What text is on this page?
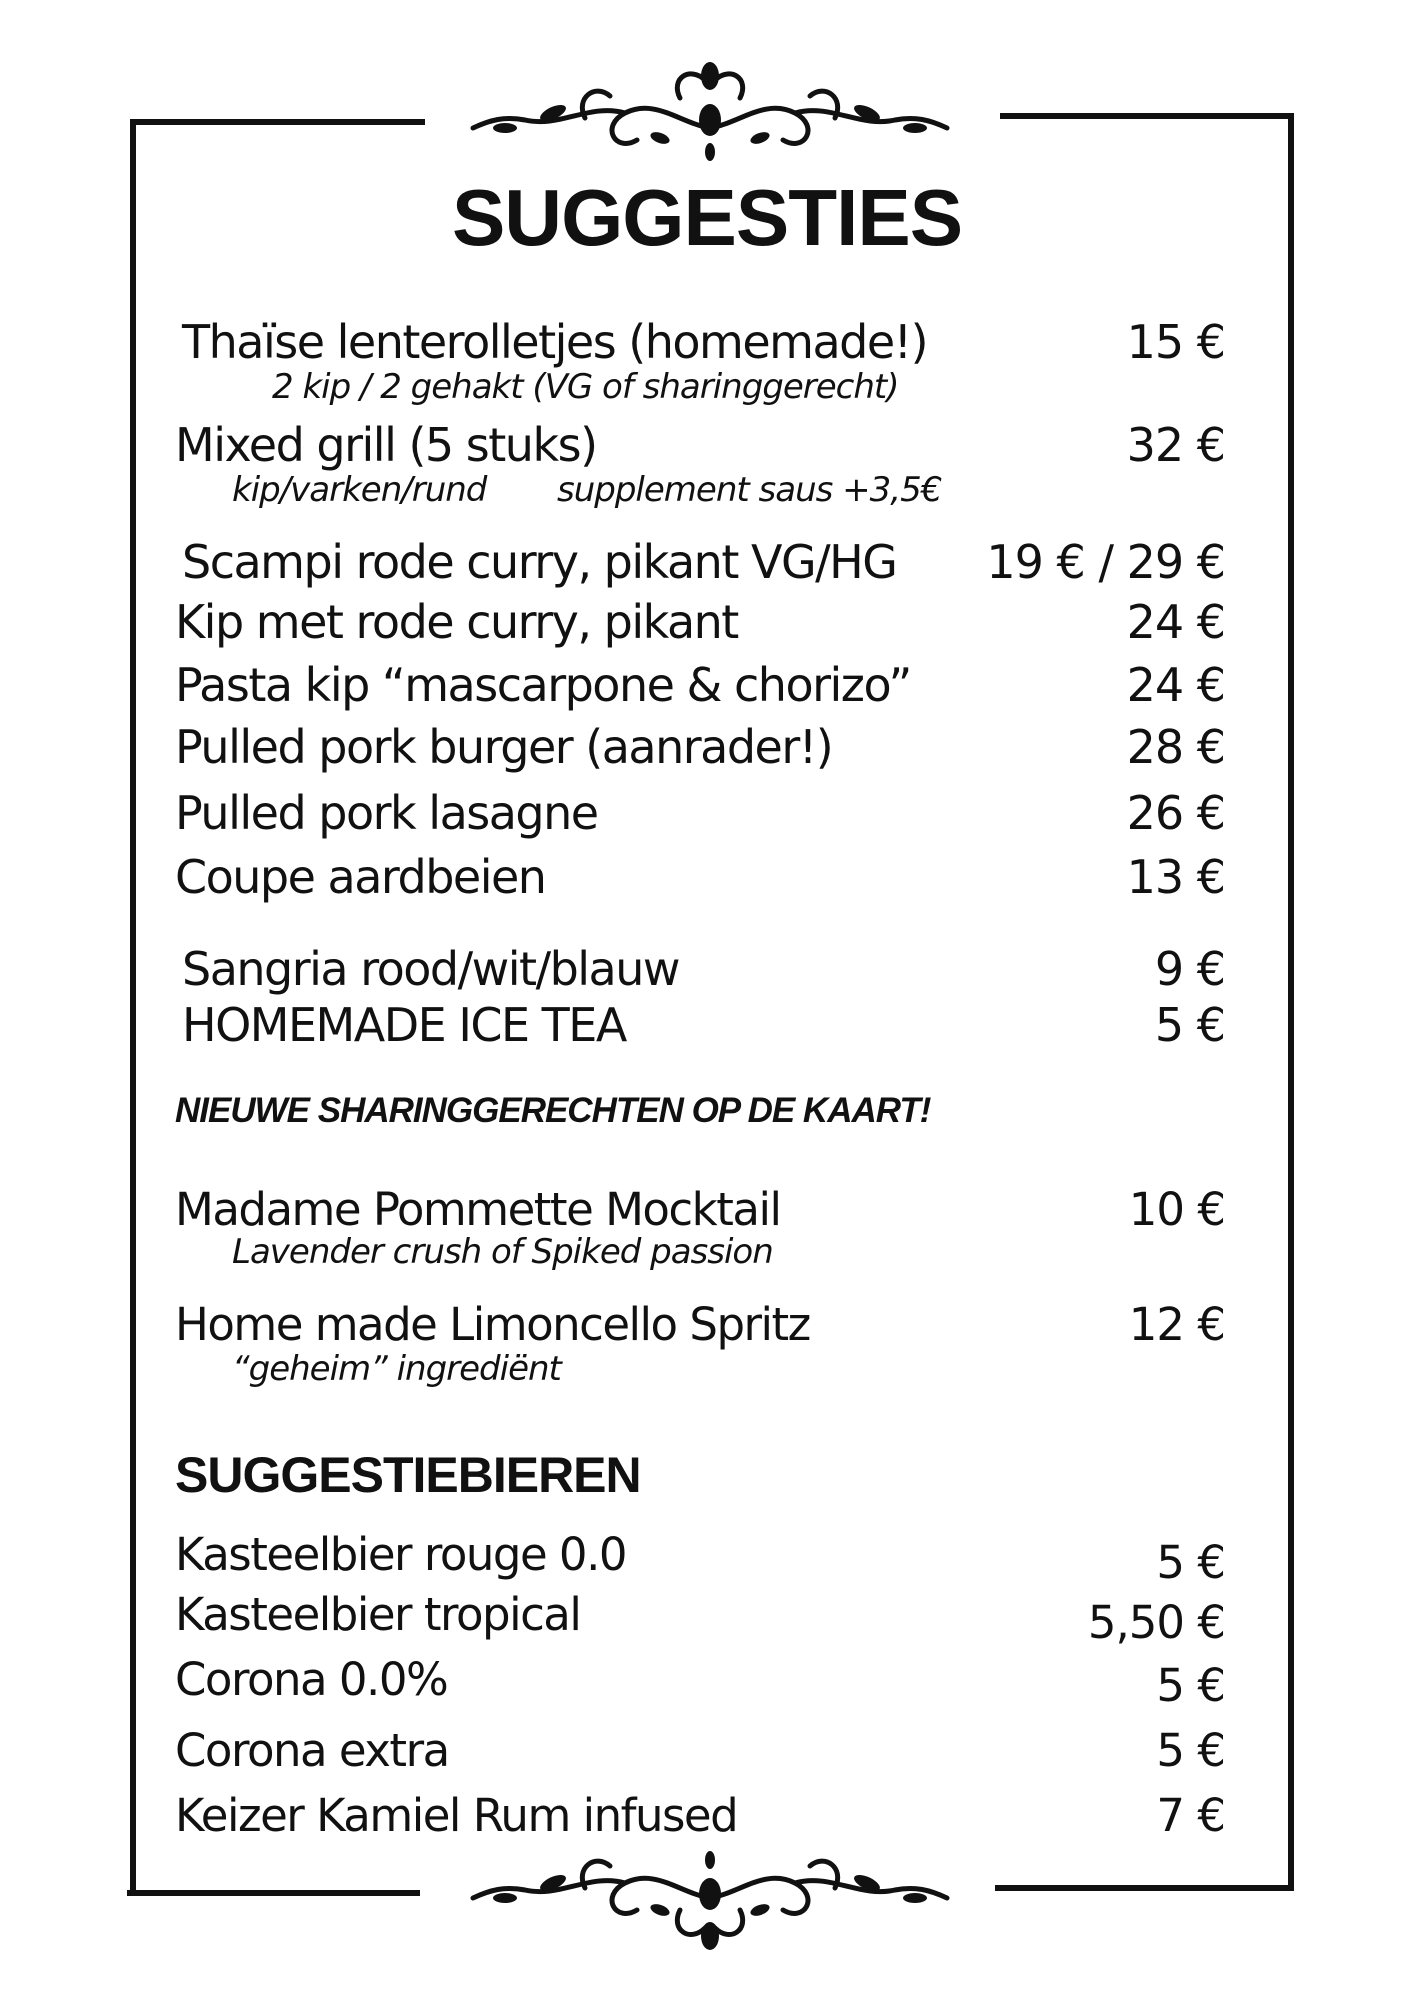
SUGGESTIES
Thaïse lenterolletjes (homemade!)	15 €
2 kip / 2 gehakt (VG of sharinggerecht)
Mixed grill (5 stuks)	32 €
kip/varken/rund supplement saus +3,5€
Scampi rode curry, pikant VG/HG 19 € / 29 €
Kip met rode curry, pikant	24 €
Pasta kip “mascarpone & chorizo”	24 €
Pulled pork burger (aanrader!)	28 €
Pulled pork lasagne	26 €
Coupe aardbeien	13 €
Sangria rood/wit/blauw	9 €
HOMEMADE ICE TEA	5 €
NIEUWE SHARINGGERECHTEN OP DE KAART!
Madame Pommette Mocktail	10 €
Lavender crush of Spiked passion
Home made Limoncello Spritz	12 €
“geheim” ingrediënt
SUGGESTIEBIEREN
Kasteelbier rouge 0.0	5 €
Kasteelbier tropical	5,50 €
Corona 0.0%	5 €
Corona extra	5 €
Keizer Kamiel Rum infused	7 €
